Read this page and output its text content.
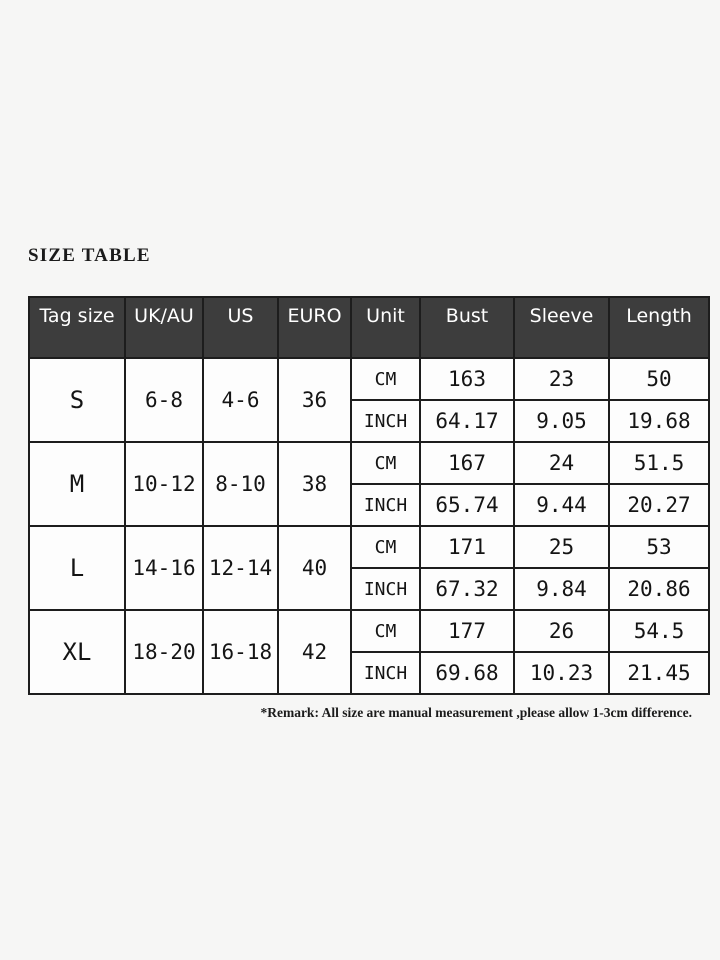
SIZE TABLE
Tag size	UK/AU	US	EURO	Unit	Bust	Sleeve	Length
S	6-8	4-6	36	CM	163	23	50
				INCH	64.17	9.05	19.68
M	10-12	8-10	38	CM	167	24	51.5
				INCH	65.74	9.44	20.27
L	14-16	12-14	40	CM	171	25	53
				INCH	67.32	9.84	20.86
XL	18-20	16-18	42	CM	177	26	54.5
				INCH	69.68	10.23	21.45

*Remark: All size are manual measurement ,please allow 1-3cm difference.
